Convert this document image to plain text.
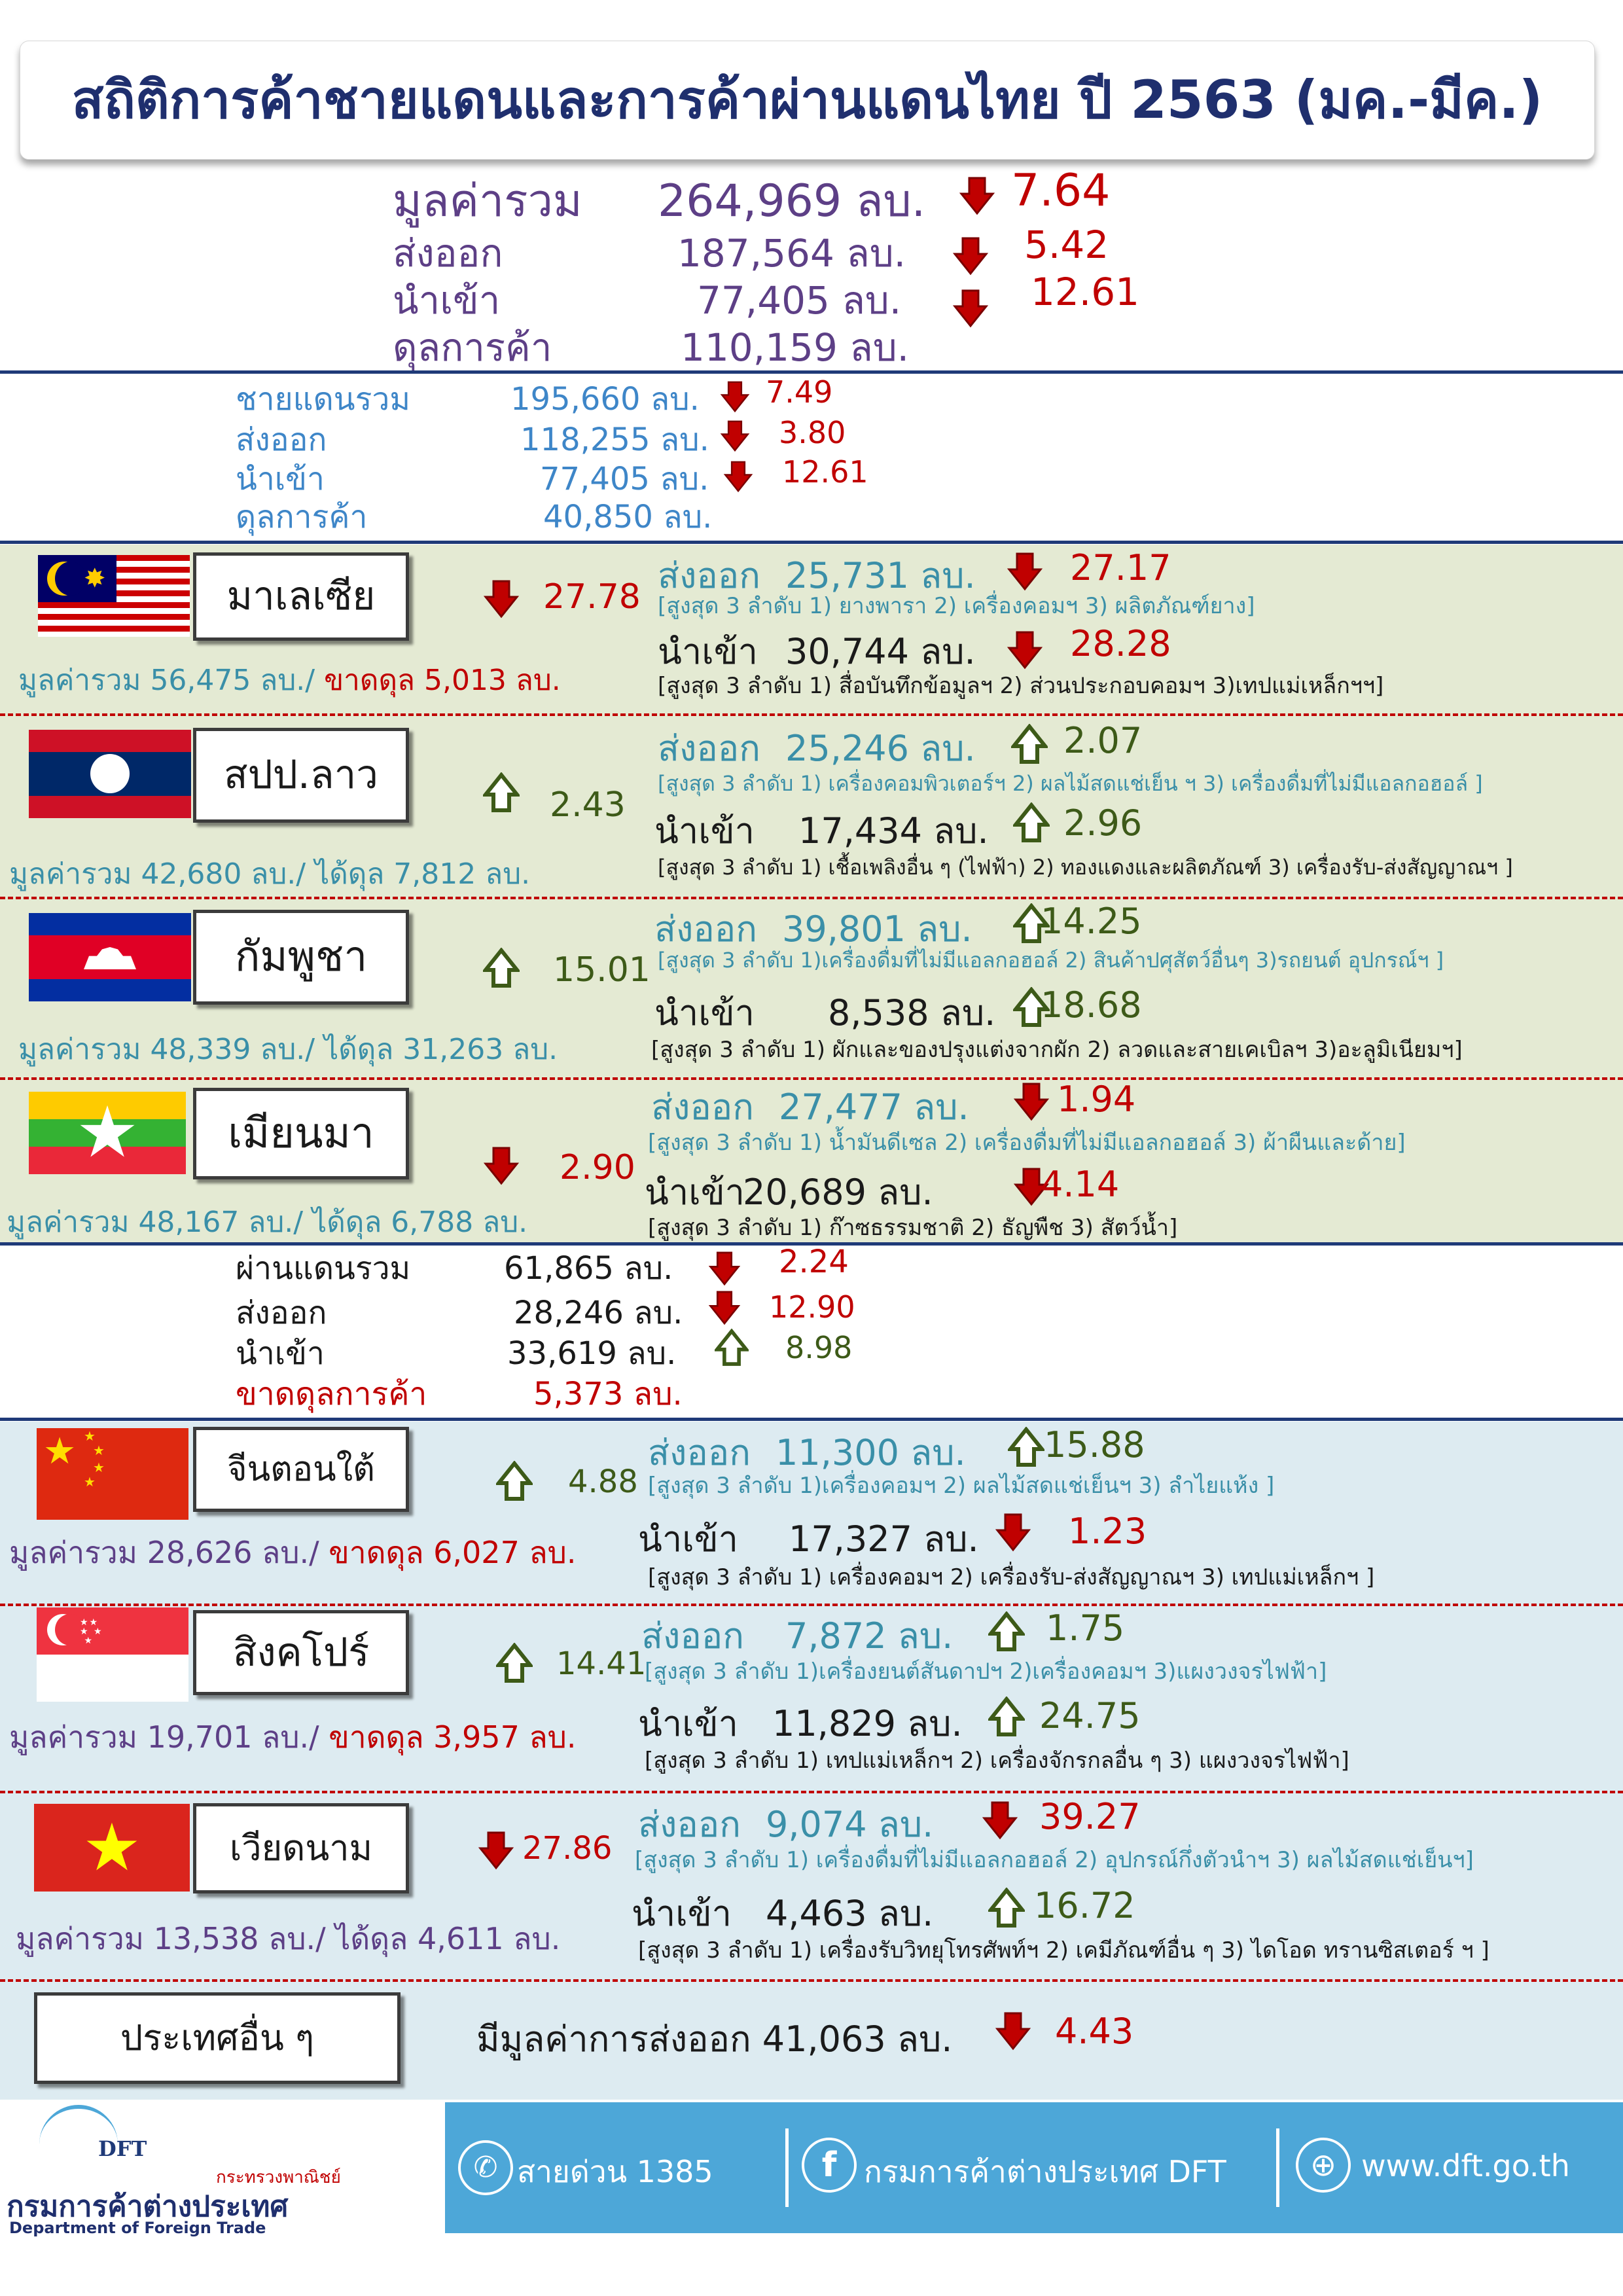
สถิติการค้าชายแดนและการค้าผ่านแดนไทย ปี 2563 (มค.-มีค.)
มูลค่ารวม 264,969 ลบ. 7.64
ส่งออก	187,564 ลบ.	5.42
นำเข้า	77,405 ลบ.	12.61
ดุลการค้า	110,159 ลบ.
ชายแดนรวม	195,660 ลบ. 7.49
ส่งออก	118,255 ลบ. 3.80
นำเข้า	77,405 ลบ. 12.61
ดุลการค้า	40,850 ลบ.
✸	มาเลเซีย	27.78
มูลค่ารวม 56,475 ลบ./ ขาดดุล 5,013 ลบ.
ส่งออก 25,731 ลบ.	27.17
[สูงสุด 3 ลำดับ 1) ยางพารา 2) เครื่องคอมฯ 3) ผลิตภัณฑ์ยาง]
นำเข้า 30,744 ลบ.	28.28
[สูงสุด 3 ลำดับ 1) สื่อบันทึกข้อมูลฯ 2) ส่วนประกอบคอมฯ 3)เทปแม่เหล็กฯฯ]
สปป.ลาว
2.43
มูลค่ารวม 42,680 ลบ./ ได้ดุล 7,812 ลบ.
ส่งออก 25,246 ลบ. 2.07
[สูงสุด 3 ลำดับ 1) เครื่องคอมพิวเตอร์ฯ 2) ผลไม้สดแช่เย็น ฯ 3) เครื่องดื่มที่ไม่มีแอลกอฮอล์ ]
นำเข้า 17,434 ลบ. 2.96
[สูงสุด 3 ลำดับ 1) เชื้อเพลิงอื่น ๆ (ไฟฟ้า) 2) ทองแดงและผลิตภัณฑ์ 3) เครื่องรับ-ส่งสัญญาณฯ ]
กัมพูชา	15.01
มูลค่ารวม 48,339 ลบ./ ได้ดุล 31,263 ลบ.
ส่งออก 39,801 ลบ. 14.25
[สูงสุด 3 ลำดับ 1)เครื่องดื่มที่ไม่มีแอลกอฮอล์ 2) สินค้าปศุสัตว์อื่นๆ 3)รถยนต์ อุปกรณ์ฯ ]
นำเข้า 8,538 ลบ. 18.68
[สูงสุด 3 ลำดับ 1) ผักและของปรุงแต่งจากผัก 2) ลวดและสายเคเบิลฯ 3)อะลูมิเนียมฯ]
★	เมียนมา
2.90
มูลค่ารวม 48,167 ลบ./ ได้ดุล 6,788 ลบ.
ส่งออก 27,477 ลบ. 1.94
[สูงสุด 3 ลำดับ 1) น้ำมันดีเซล 2) เครื่องดื่มที่ไม่มีแอลกอฮอล์ 3) ผ้าผืนและด้าย]
นำเข้า
20,689 ลบ.	4.14
[สูงสุด 3 ลำดับ 1) ก๊าซธรรมชาติ 2) ธัญพืช 3) สัตว์น้ำ]
ผ่านแดนรวม	61,865 ลบ.	2.24
ส่งออก	28,246 ลบ.	12.90
นำเข้า	33,619 ลบ.	8.98
ขาดดุลการค้า	5,373 ลบ.
★ ★
★
★
★	จีนตอนใต้	4.88
มูลค่ารวม 28,626 ลบ./ ขาดดุล 6,027 ลบ.
ส่งออก 11,300 ลบ. 15.88
[สูงสุด 3 ลำดับ 1)เครื่องคอมฯ 2) ผลไม้สดแช่เย็นฯ 3) ลำไยแห้ง ]
นำเข้า 17,327 ลบ.	1.23
[สูงสุด 3 ลำดับ 1) เครื่องคอมฯ 2) เครื่องรับ-ส่งสัญญาณฯ 3) เทปแม่เหล็กฯ ]
★★
★ ★
★	สิงคโปร์	14.41
มูลค่ารวม 19,701 ลบ./ ขาดดุล 3,957 ลบ.
ส่งออก 7,872 ลบ.	1.75
[สูงสุด 3 ลำดับ 1)เครื่องยนต์สันดาปฯ 2)เครื่องคอมฯ 3)แผงวงจรไฟฟ้า]
นำเข้า 11,829 ลบ. 24.75
[สูงสุด 3 ลำดับ 1) เทปแม่เหล็กฯ 2) เครื่องจักรกลอื่น ๆ 3) แผงวงจรไฟฟ้า]
★	เวียดนาม	27.86
มูลค่ารวม 13,538 ลบ./ ได้ดุล 4,611 ลบ.
ส่งออก 9,074 ลบ.	39.27
[สูงสุด 3 ลำดับ 1) เครื่องดื่มที่ไม่มีแอลกอฮอล์ 2) อุปกรณ์กึ่งตัวนำฯ 3) ผลไม้สดแช่เย็นฯ]
นำเข้า 4,463 ลบ.	16.72
[สูงสุด 3 ลำดับ 1) เครื่องรับวิทยุโทรศัพท์ฯ 2) เคมีภัณฑ์อื่น ๆ 3) ไดโอด ทรานซิสเตอร์ ฯ ]
ประเทศอื่น ๆ	มีมูลค่าการส่งออก 41,063 ลบ.	4.43
DFT
กระทรวงพาณิชย์
กรมการค้าต่างประเทศ
Department of Foreign Trade
✆ สายด่วน 1385	f กรมการค้าต่างประเทศ DFT	⊕ www.dft.go.th
